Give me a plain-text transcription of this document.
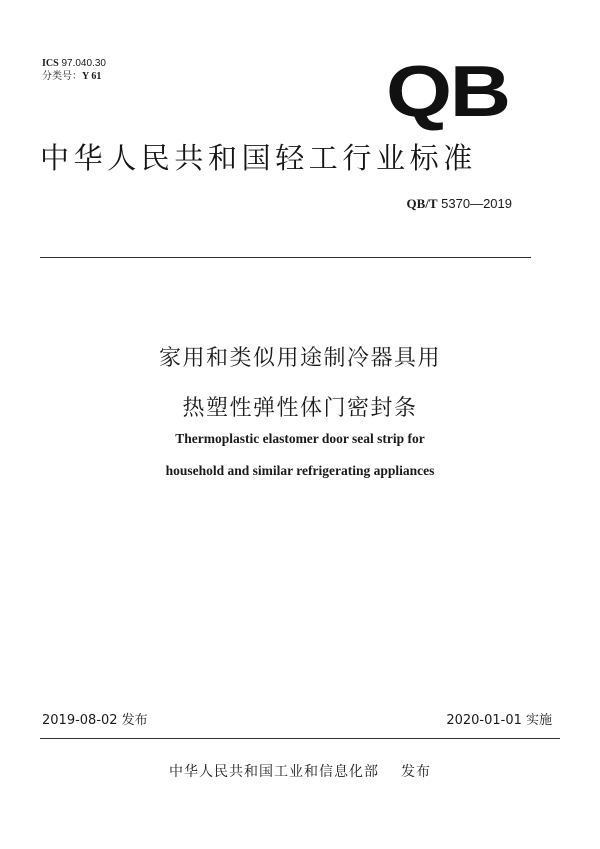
ICS 97.040.30
分类号：Y 61	QB
中华人民共和国轻工行业标准
QB/T 5370—2019
家用和类似用途制冷器具用
热塑性弹性体门密封条
Thermoplastic elastomer door seal strip for
household and similar refrigerating appliances
2019-08-02 发布	2020-01-01 实施
中华人民共和国工业和信息化部 发布
